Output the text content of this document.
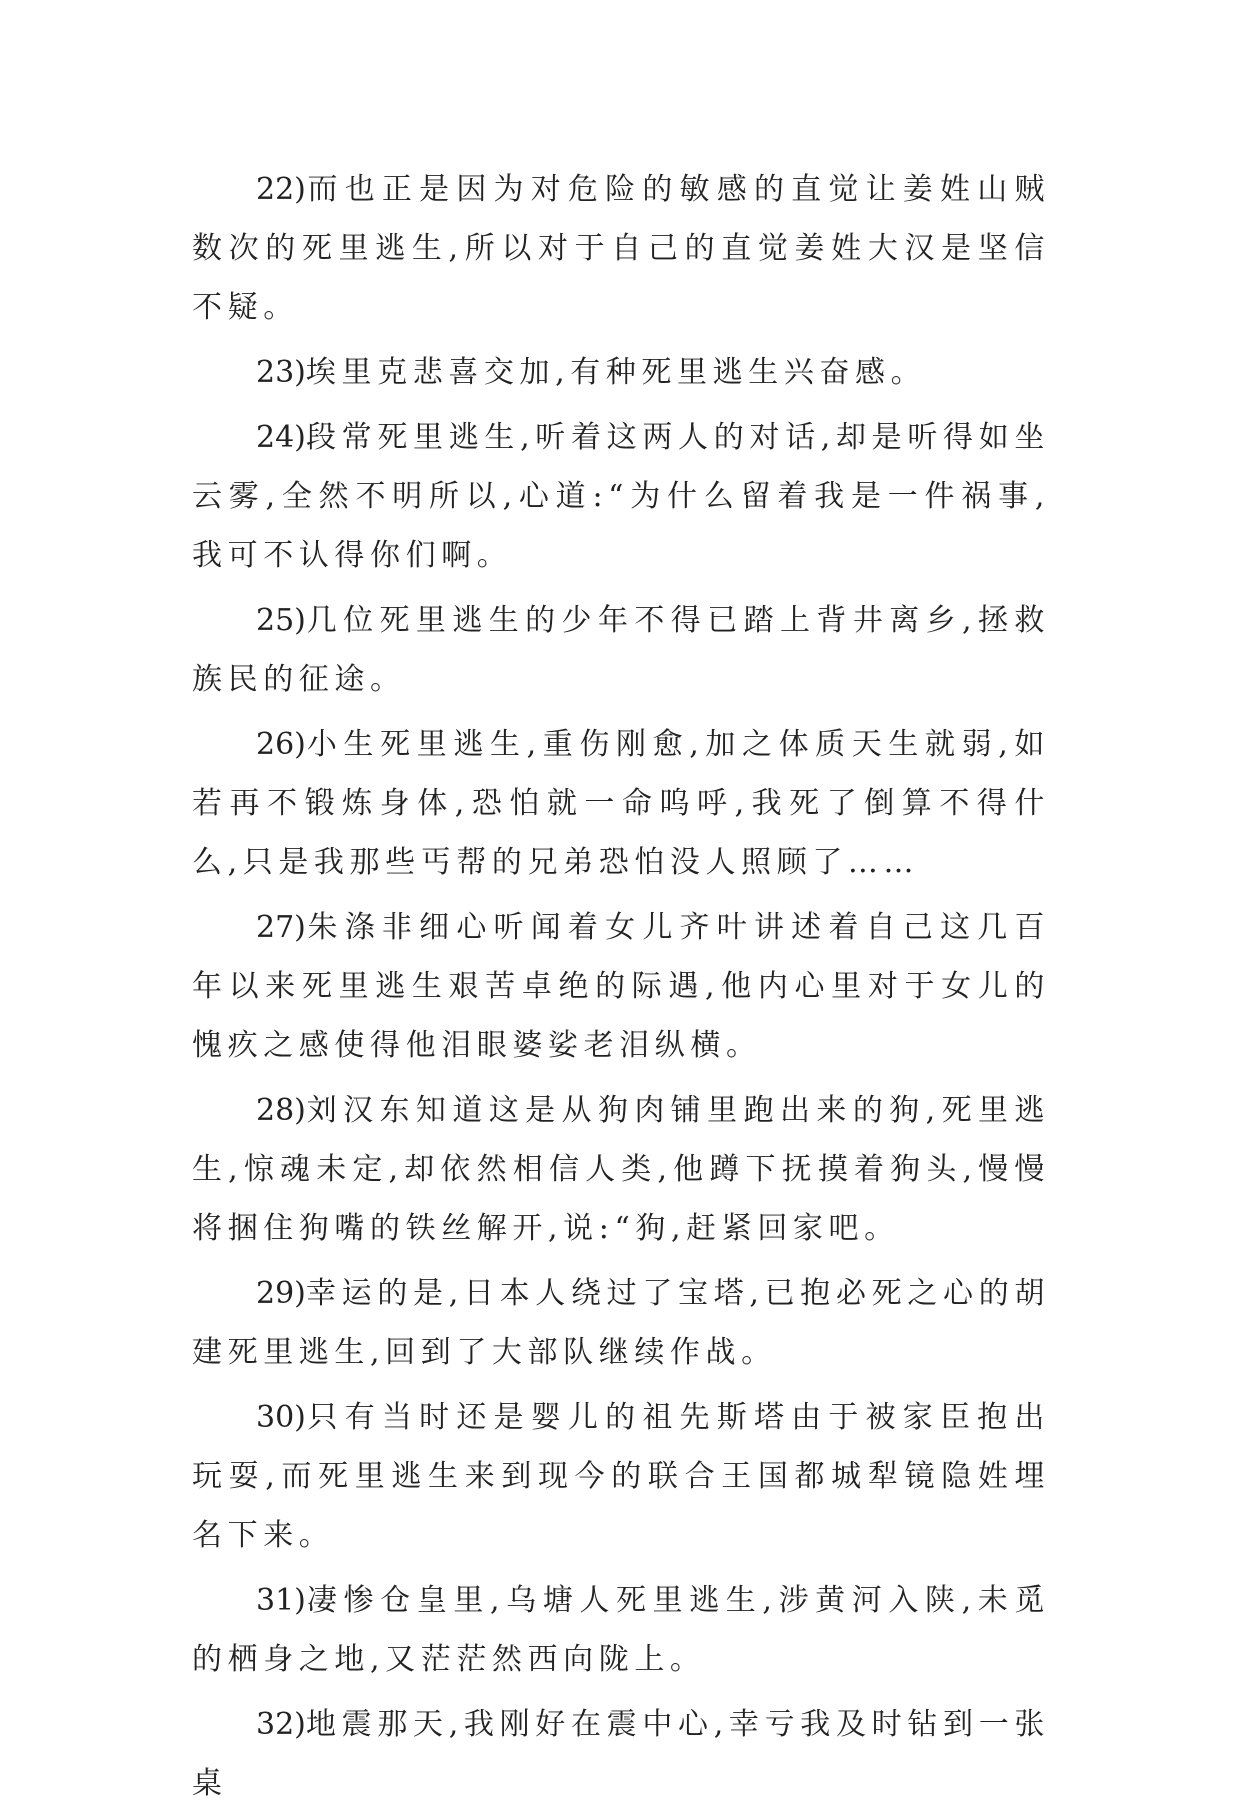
22)而也正是因为对危险的敏感的直觉让姜姓山贼数次的死里逃生,所以对于自己的直觉姜姓大汉是坚信不疑。

23)埃里克悲喜交加,有种死里逃生兴奋感。

24)段常死里逃生,听着这两人的对话,却是听得如坐云雾,全然不明所以,心道:“为什么留着我是一件祸事,我可不认得你们啊。

25)几位死里逃生的少年不得已踏上背井离乡,拯救族民的征途。

26)小生死里逃生,重伤刚愈,加之体质天生就弱,如若再不锻炼身体,恐怕就一命呜呼,我死了倒算不得什么,只是我那些丐帮的兄弟恐怕没人照顾了……

27)朱涤非细心听闻着女儿齐叶讲述着自己这几百年以来死里逃生艰苦卓绝的际遇,他内心里对于女儿的愧疚之感使得他泪眼婆娑老泪纵横。

28)刘汉东知道这是从狗肉铺里跑出来的狗,死里逃生,惊魂未定,却依然相信人类,他蹲下抚摸着狗头,慢慢将捆住狗嘴的铁丝解开,说:“狗,赶紧回家吧。

29)幸运的是,日本人绕过了宝塔,已抱必死之心的胡建死里逃生,回到了大部队继续作战。

30)只有当时还是婴儿的祖先斯塔由于被家臣抱出玩耍,而死里逃生来到现今的联合王国都城犁镜隐姓埋名下来。

31)凄惨仓皇里,乌塘人死里逃生,涉黄河入陕,未觅的栖身之地,又茫茫然西向陇上。

32)地震那天,我刚好在震中心,幸亏我及时钻到一张桌
